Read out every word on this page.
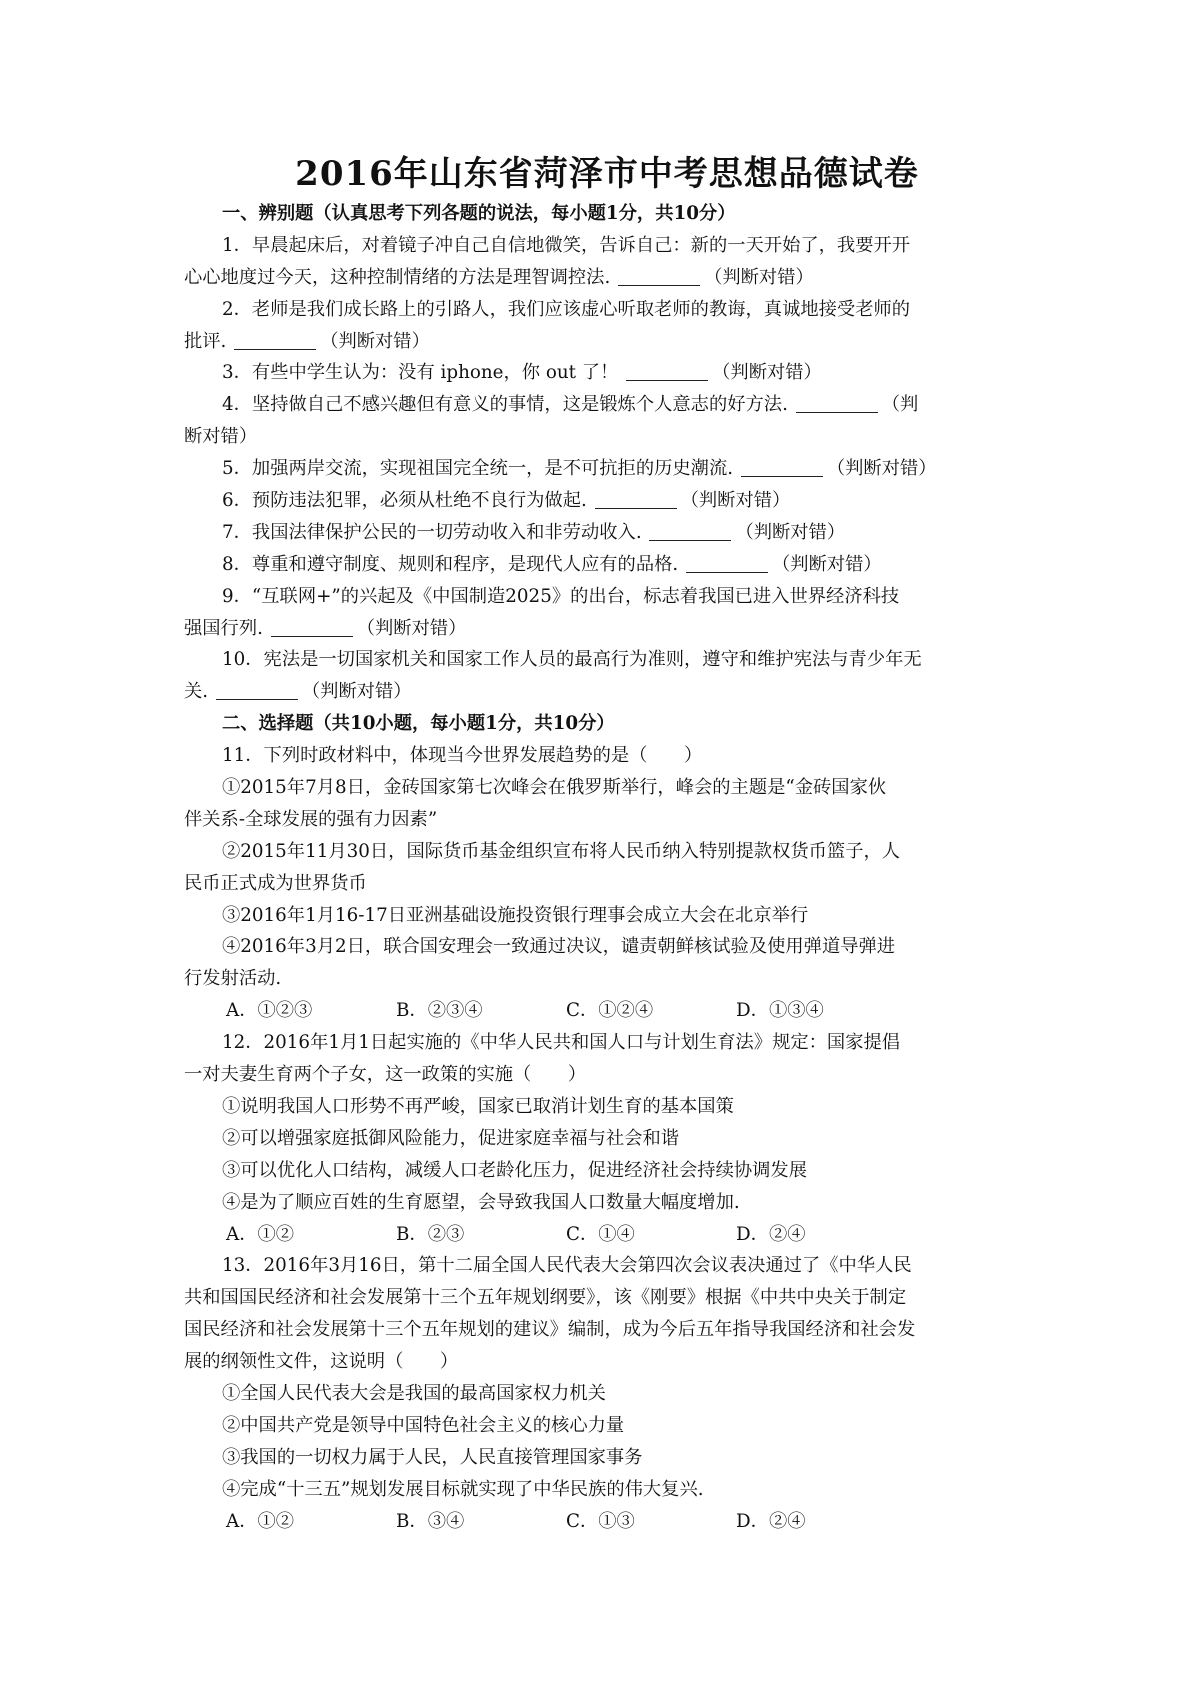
2016年山东省菏泽市中考思想品德试卷
一、辨别题（认真思考下列各题的说法，每小题1分，共10分）
1．早晨起床后，对着镜子冲自己自信地微笑，告诉自己：新的一天开始了，我要开开
心心地度过今天，这种控制情绪的方法是理智调控法.	（判断对错）
2．老师是我们成长路上的引路人，我们应该虚心听取老师的教诲，真诚地接受老师的
批评.	（判断对错）
3．有些中学生认为：没有 iphone，你 out 了！	（判断对错）
4．坚持做自己不感兴趣但有意义的事情，这是锻炼个人意志的好方法.	（判
断对错）
5．加强两岸交流，实现祖国完全统一，是不可抗拒的历史潮流.	（判断对错）
6．预防违法犯罪，必须从杜绝不良行为做起.	（判断对错）
7．我国法律保护公民的一切劳动收入和非劳动收入.	（判断对错）
8．尊重和遵守制度、规则和程序，是现代人应有的品格.	（判断对错）
9．“互联网+”的兴起及《中国制造2025》的出台，标志着我国已进入世界经济科技
强国行列.	（判断对错）
10．宪法是一切国家机关和国家工作人员的最高行为准则，遵守和维护宪法与青少年无
关.	（判断对错）
二、选择题（共10小题，每小题1分，共10分）
11．下列时政材料中，体现当今世界发展趋势的是（　　）
①2015年7月8日，金砖国家第七次峰会在俄罗斯举行，峰会的主题是“金砖国家伙
伴关系-全球发展的强有力因素”
②2015年11月30日，国际货币基金组织宣布将人民币纳入特别提款权货币篮子，人
民币正式成为世界货币
③2016年1月16-17日亚洲基础设施投资银行理事会成立大会在北京举行
④2016年3月2日，联合国安理会一致通过决议，谴责朝鲜核试验及使用弹道导弹进
行发射活动.
A．①②③	B．②③④	C．①②④	D．①③④
12．2016年1月1日起实施的《中华人民共和国人口与计划生育法》规定：国家提倡
一对夫妻生育两个子女，这一政策的实施（　　）
①说明我国人口形势不再严峻，国家已取消计划生育的基本国策
②可以增强家庭抵御风险能力，促进家庭幸福与社会和谐
③可以优化人口结构，减缓人口老龄化压力，促进经济社会持续协调发展
④是为了顺应百姓的生育愿望，会导致我国人口数量大幅度增加.
A．①②	B．②③	C．①④	D．②④
13．2016年3月16日，第十二届全国人民代表大会第四次会议表决通过了《中华人民
共和国国民经济和社会发展第十三个五年规划纲要》，该《刚要》根据《中共中央关于制定
国民经济和社会发展第十三个五年规划的建议》编制，成为今后五年指导我国经济和社会发
展的纲领性文件，这说明（　　）
①全国人民代表大会是我国的最高国家权力机关
②中国共产党是领导中国特色社会主义的核心力量
③我国的一切权力属于人民，人民直接管理国家事务
④完成“十三五”规划发展目标就实现了中华民族的伟大复兴.
A．①②	B．③④	C．①③	D．②④
